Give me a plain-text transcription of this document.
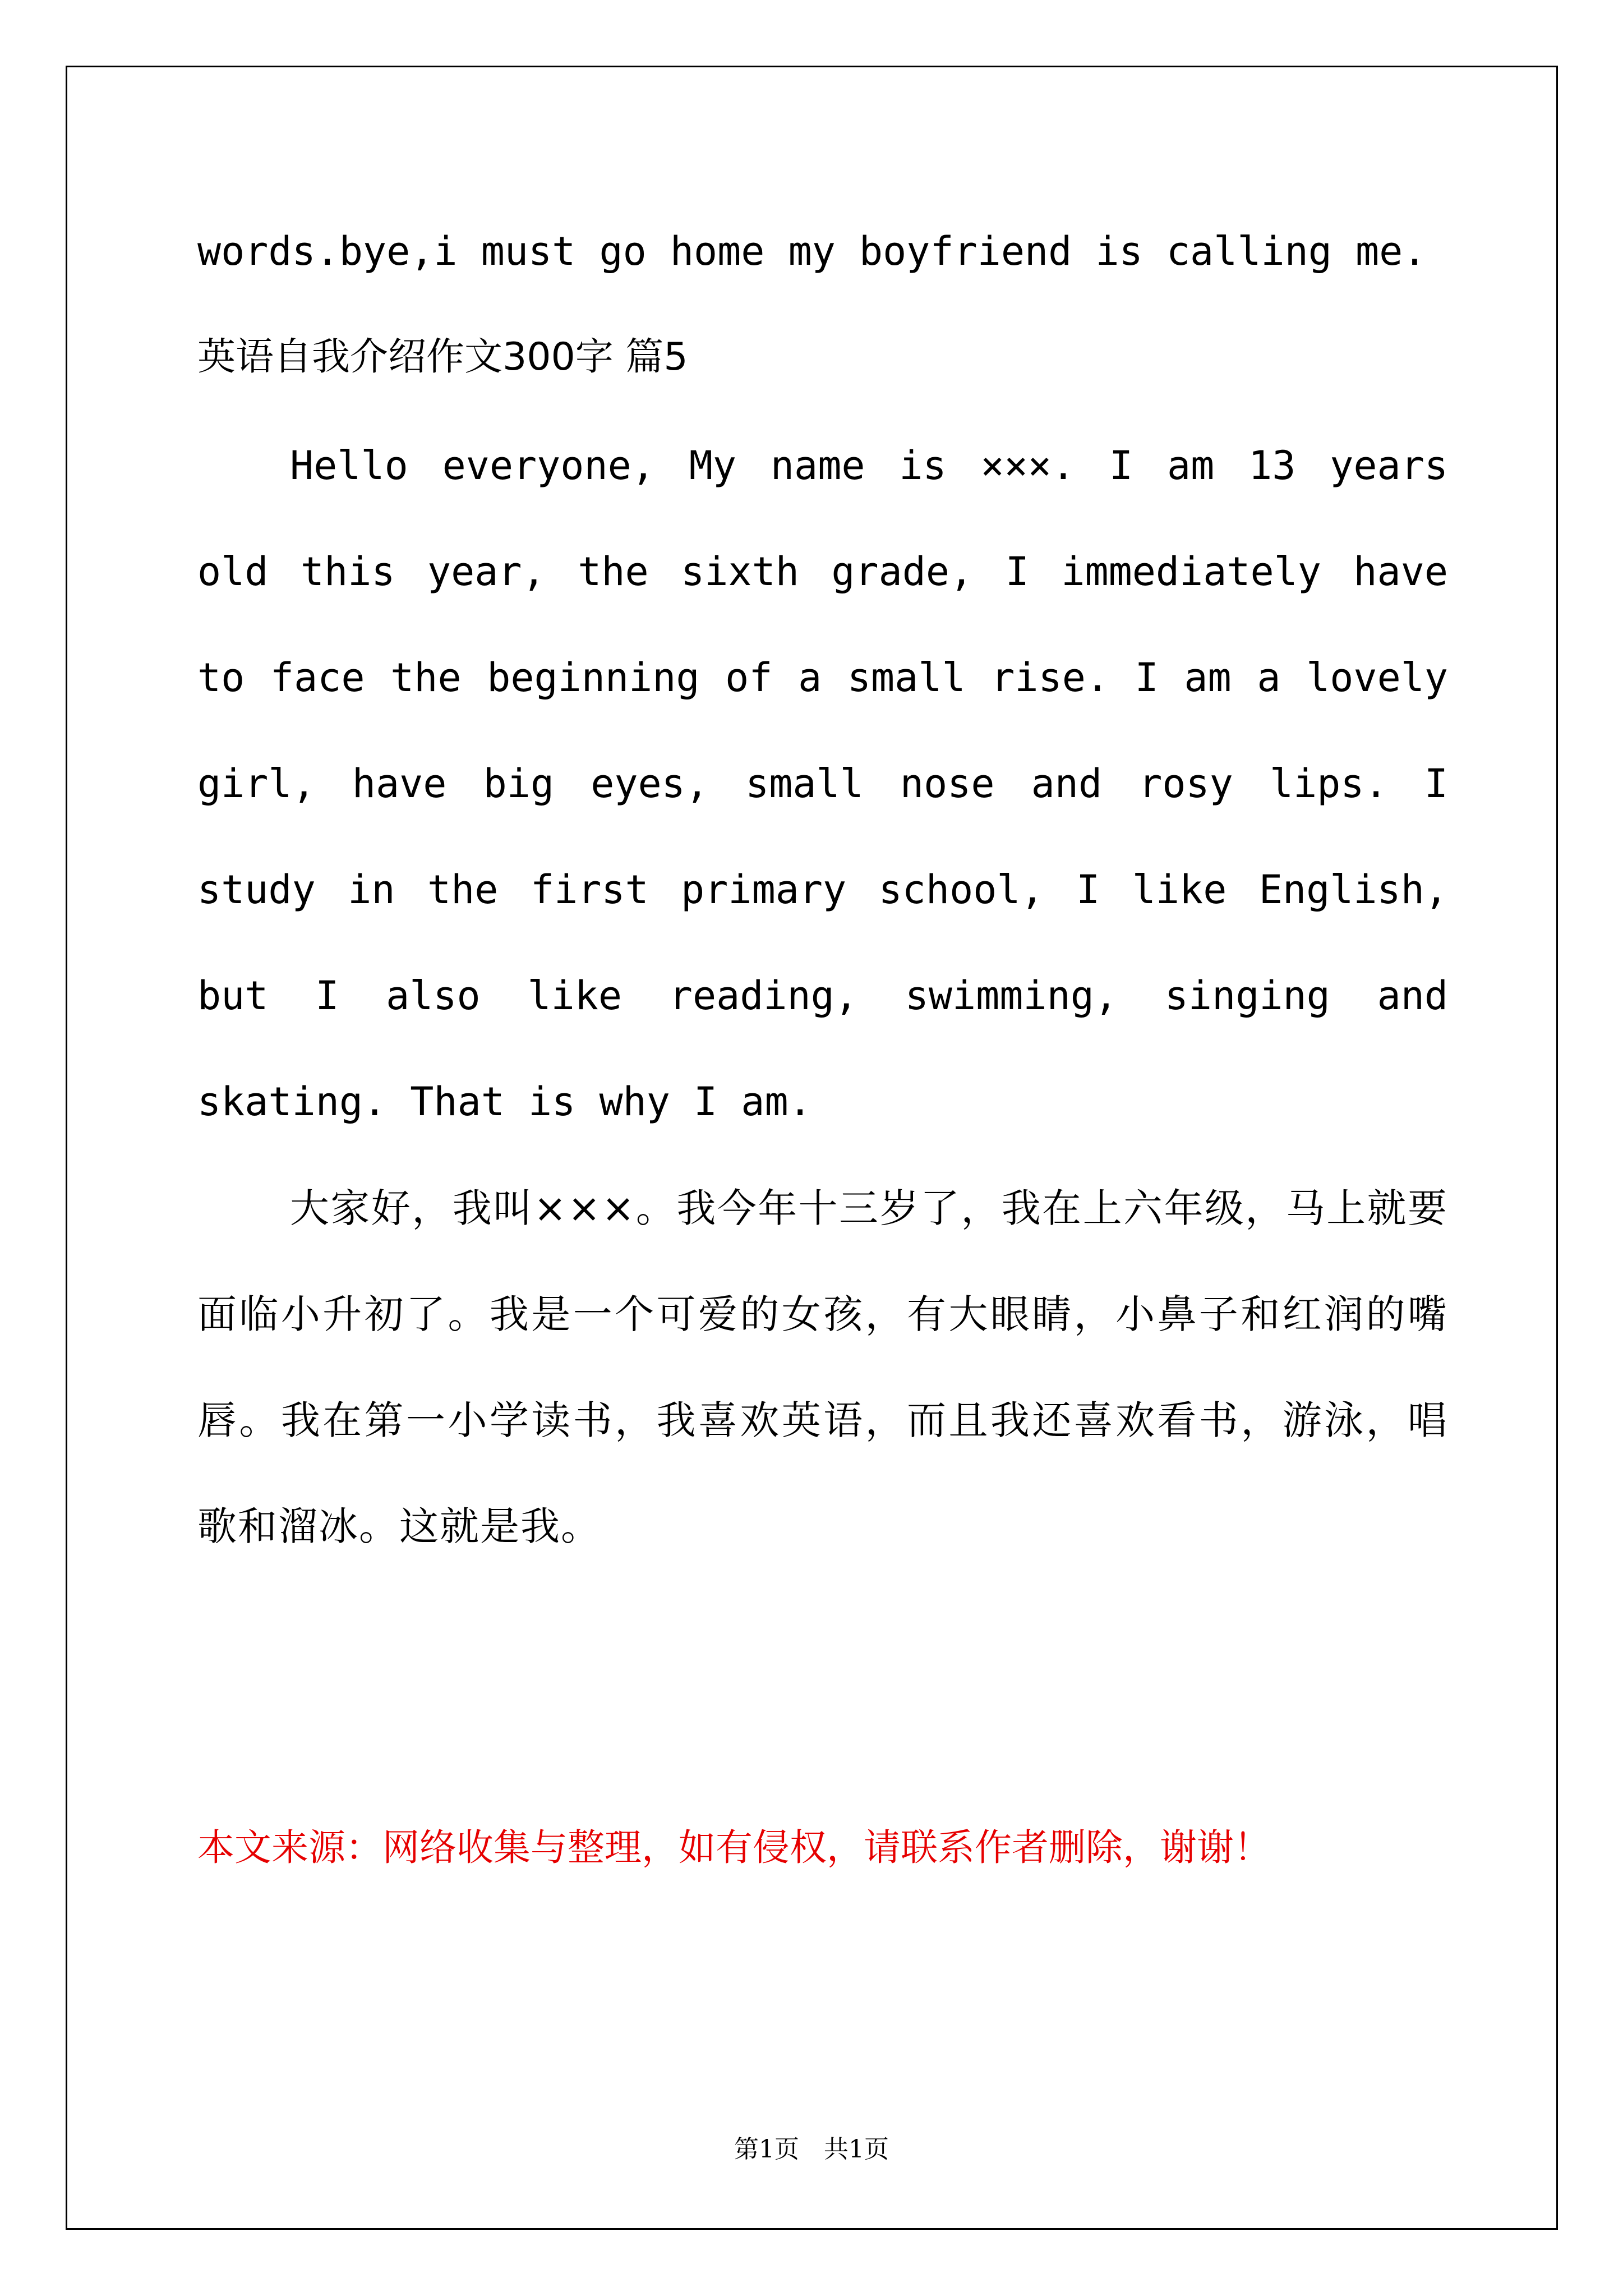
words.bye,i must go home my boyfriend is calling me.
英语自我介绍作文300字 篇5
Hello everyone, My name is ×××. I am 13 years old this year, the sixth grade, I immediately have to face the beginning of a small rise. I am a lovely girl, have big eyes, small nose and rosy lips. I study in the first primary school, I like English, but I also like reading, swimming, singing and skating. That is why I am.
大家好，我叫×××。我今年十三岁了，我在上六年级，马上就要面临小升初了。我是一个可爱的女孩，有大眼睛，小鼻子和红润的嘴唇。我在第一小学读书，我喜欢英语，而且我还喜欢看书，游泳，唱歌和溜冰。这就是我。
本文来源：网络收集与整理，如有侵权，请联系作者删除，谢谢！
第1页　共1页
